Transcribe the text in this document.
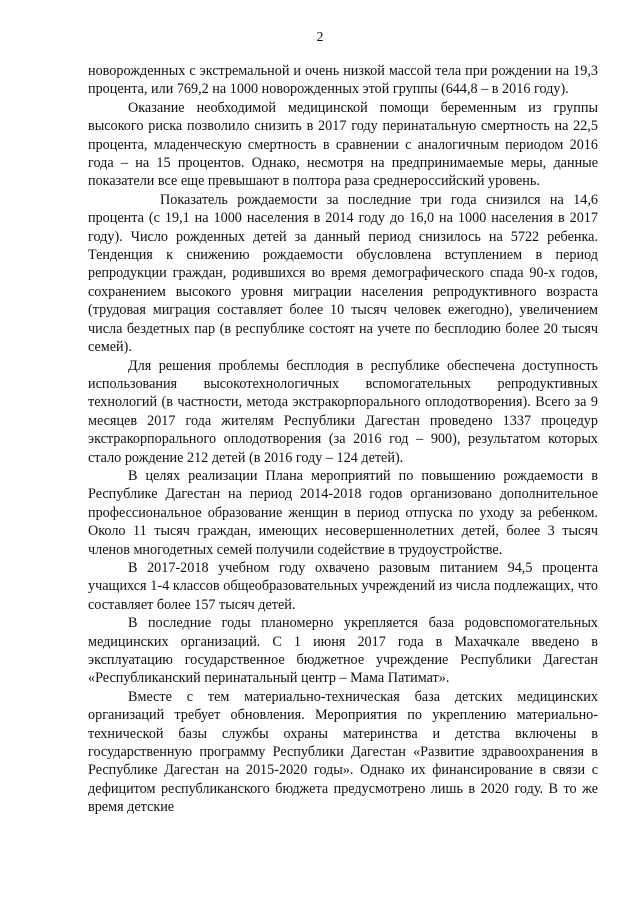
2

новорожденных с экстремальной и очень низкой массой тела при рождении на 19,3 процента, или 769,2 на 1000 новорожденных этой группы (644,8 – в 2016 году).

Оказание необходимой медицинской помощи беременным из группы высокого риска позволило снизить в 2017 году перинатальную смертность на 22,5 процента, младенческую смертность в сравнении с аналогичным периодом 2016 года – на 15 процентов. Однако, несмотря на предпринимаемые меры, данные показатели все еще превышают в полтора раза среднероссийский уровень.

Показатель рождаемости за последние три года снизился на 14,6 процента (с 19,1 на 1000 населения в 2014 году до 16,0 на 1000 населения в 2017 году). Число рожденных детей за данный период снизилось на 5722 ребенка. Тенденция к снижению рождаемости обусловлена вступлением в период репродукции граждан, родившихся во время демографического спада 90-х годов, сохранением высокого уровня миграции населения репродуктивного возраста (трудовая миграция составляет более 10 тысяч человек ежегодно), увеличением числа бездетных пар (в республике состоят на учете по бесплодию более 20 тысяч семей).

Для решения проблемы бесплодия в республике обеспечена доступность использования высокотехнологичных вспомогательных репродуктивных технологий (в частности, метода экстракорпорального оплодотворения). Всего за 9 месяцев 2017 года жителям Республики Дагестан проведено 1337 процедур экстракорпорального оплодотворения (за 2016 год – 900), результатом которых стало рождение 212 детей (в 2016 году – 124 детей).

В целях реализации Плана мероприятий по повышению рождаемости в Республике Дагестан на период 2014-2018 годов организовано дополнительное профессиональное образование женщин в период отпуска по уходу за ребенком. Около 11 тысяч граждан, имеющих несовершеннолетних детей, более 3 тысяч членов многодетных семей получили содействие в трудоустройстве.

В 2017-2018 учебном году охвачено разовым питанием 94,5 процента учащихся 1-4 классов общеобразовательных учреждений из числа подлежащих, что составляет более 157 тысяч детей.

В последние годы планомерно укрепляется база родовспомогательных медицинских организаций. С 1 июня 2017 года в Махачкале введено в эксплуатацию государственное бюджетное учреждение Республики Дагестан «Республиканский перинатальный центр – Мама Патимат».

Вместе с тем материально-техническая база детских медицинских организаций требует обновления. Мероприятия по укреплению материально-технической базы службы охраны материнства и детства включены в государственную программу Республики Дагестан «Развитие здравоохранения в Республике Дагестан на 2015-2020 годы». Однако их финансирование в связи с дефицитом республиканского бюджета предусмотрено лишь в 2020 году. В то же время детские
